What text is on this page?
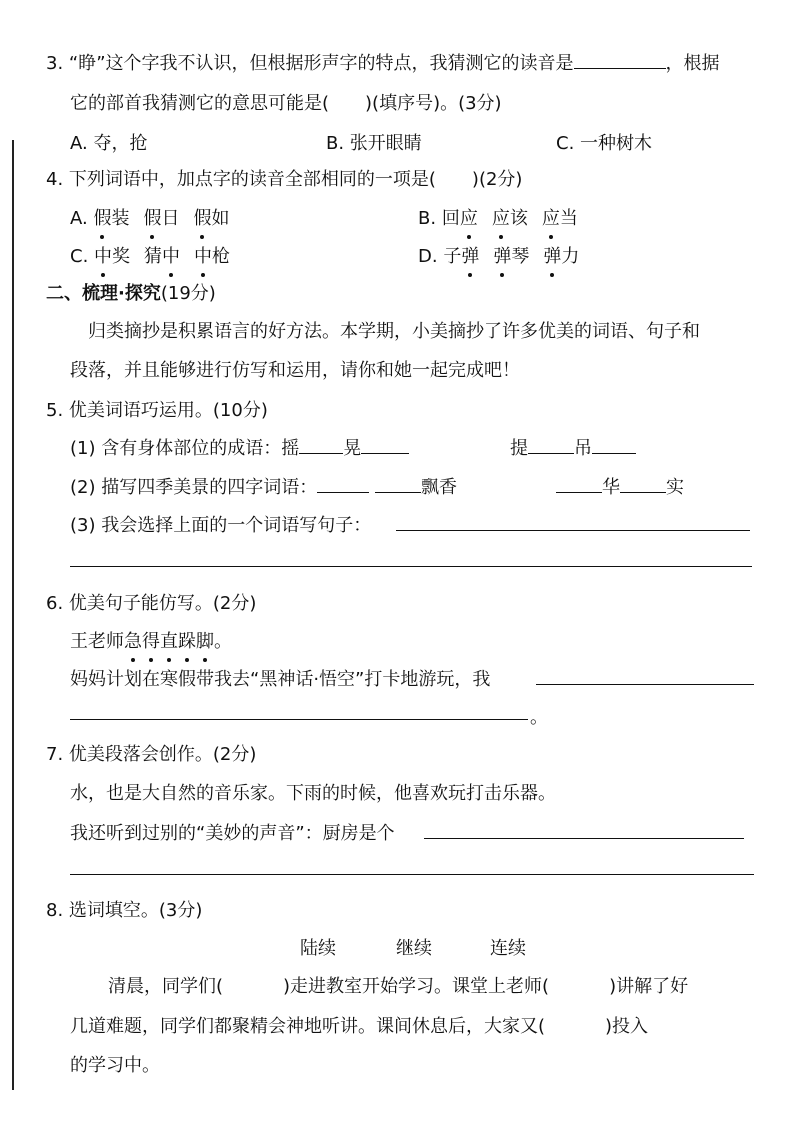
3. “睁”这个字我不认识，但根据形声字的特点，我猜测它的读音是	，根据
它的部首我猜测它的意思可能是(　　)(填序号)。(3分)
A. 夺，抢	B. 张开眼睛	C. 一种树木
4. 下列词语中，加点字的读音全部相同的一项是(　　)(2分)
A. 假装 假日 假如	B. 回应 应该 应当
C. 中奖 猜中 中枪	D. 子弹 弹琴 弹力
二、梳理·探究(19分)
归类摘抄是积累语言的好方法。本学期，小美摘抄了许多优美的词语、句子和
段落，并且能够进行仿写和运用，请你和她一起完成吧！
5. 优美词语巧运用。(10分)
(1) 含有身体部位的成语：摇 晃	提	吊
(2) 描写四季美景的四字词语：	飘香	华	实
(3) 我会选择上面的一个词语写句子：
6. 优美句子能仿写。(2分)
王老师急得直跺脚。
妈妈计划在寒假带我去“黑神话·悟空”打卡地游玩，我
。
7. 优美段落会创作。(2分)
水，也是大自然的音乐家。下雨的时候，他喜欢玩打击乐器。
我还听到过别的“美妙的声音”：厨房是个
8. 选词填空。(3分)
陆续	继续	连续
清晨，同学们(	)走进教室开始学习。课堂上老师(	)讲解了好
几道难题，同学们都聚精会神地听讲。课间休息后，大家又(	)投入
的学习中。
